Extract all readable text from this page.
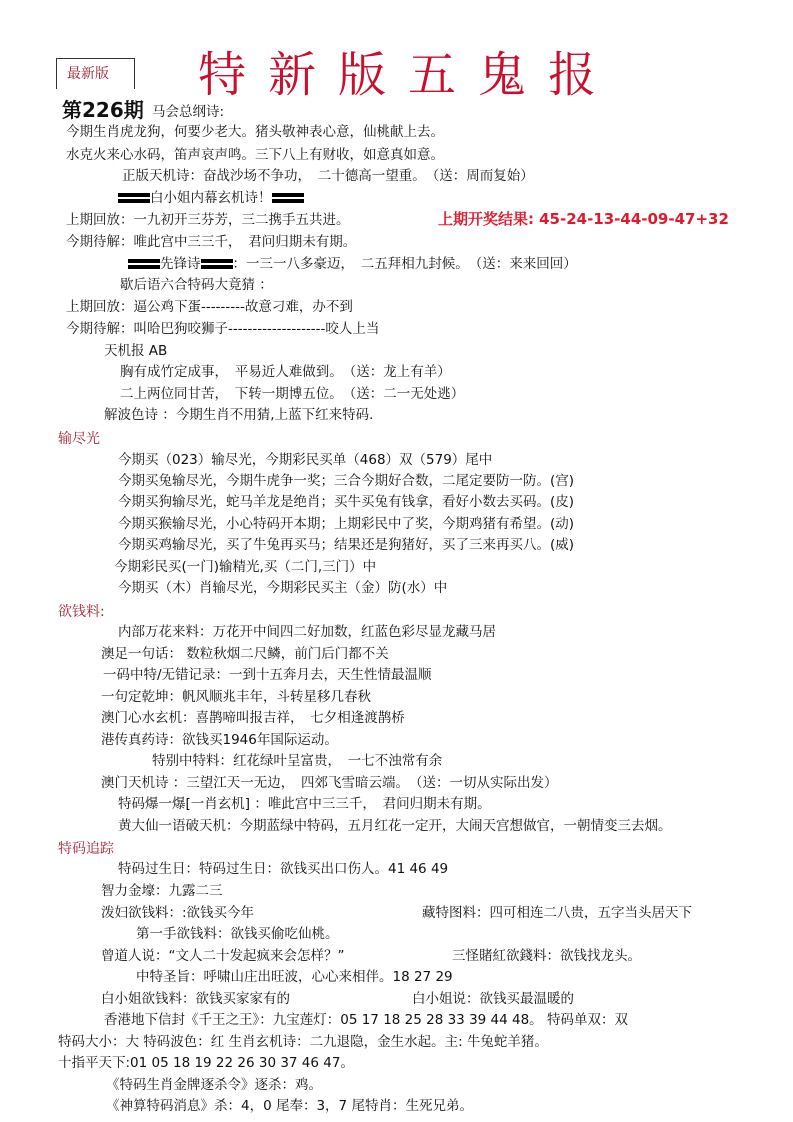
最新版 特新版五鬼报
第226期 马会总纲诗:
今期生肖虎龙狗，何要少老大。猪头敬神表心意，仙桃献上去。
水克火来心水码，笛声哀声鸣。三下八上有财收，如意真如意。
正版天机诗：奋战沙场不争功，　二十德高一望重。　（送：周而复始）
白小姐内幕玄机诗！
上期回放：一九初开三芬芳，三二携手五共进。	上期开奖结果: 45-24-13-44-09-47+32
今期待解：唯此宫中三三千，　君问归期未有期。
先锋诗 ：一三一八多豪迈，　二五拜相九封候。　（送：来来回回）
歇后语六合特码大竟猜 ：
上期回放：逼公鸡下蛋---------故意刁难，办不到
今期待解：叫哈巴狗咬狮子--------------------咬人上当
天机报 AB
胸有成竹定成事，　平易近人难做到。　（送：龙上有羊）
二上两位同甘苦，　下转一期博五位。　（送：二一无处逃）
解波色诗 ：今期生肖不用猜,上蓝下红来特码.
输尽光
今期买（023）输尽光，今期彩民买单（468）双（579）尾中
今期买兔输尽光，今期牛虎争一奖；三合今期好合数，二尾定要防一防。(宫)
今期买狗输尽光，蛇马羊龙是绝肖；买牛买兔有钱拿，看好小数去买码。(皮)
今期买猴输尽光，小心特码开本期；上期彩民中了奖，今期鸡猪有希望。(动)
今期买鸡输尽光，买了牛兔再买马；结果还是狗猪好，买了三来再买八。(威)
今期彩民买(一门)输精光,买（二门,三门）中
今期买（木）肖输尽光，今期彩民买主（金）防(水）中
欲钱料:
内部万花来料：万花开中间四二好加数，红蓝色彩尽显龙藏马居
澳足一句话： 数粒秋烟二尺鳞，前门后门都不关
一码中特/无错记录：一到十五奔月去，天生性情最温顺
一句定乾坤：帆风顺兆丰年，斗转星移几春秋
澳门心水玄机：喜鹊啼叫报吉祥，　七夕相逢渡鹊桥
港传真药诗：欲钱买1946年国际运动。
特别中特料：红花绿叶呈富贵，　一七不浊常有余
澳门天机诗 ：三望江天一无边，　四郊飞雪暗云端。　（送：一切从实际出发）
特码爆一爆[一肖玄机] ：唯此宫中三三千，　君问归期未有期。
黄大仙一语破天机：今期蓝绿中特码，五月红花一定开，大闹天宫想做官，一朝情变三去烟。
特码追踪
特码过生日：特码过生日：欲钱买出口伤人。41 46 49
智力金壕：九露二三
泼妇欲钱料：:欲钱买今年	藏特图料：四可相连二八贵，五字当头居天下
第一手欲钱料：欲钱买偷吃仙桃。
曾道人说：“文人二十发起疯来会怎样？”	三怪賭紅欲錢料：欲钱找龙头。
中特圣旨：呼啸山庄出旺波，心心来相伴。18 27 29
白小姐欲钱料：欲钱买家家有的	白小姐说：欲钱买最温暖的
香港地下信封《千王之王》：九宝莲灯：05 17 18 25 28 33 39 44 48。 特码单双：双
特码大小：大 特码波色：红 生肖玄机诗：二九退隐，金生水起。主: 牛兔蛇羊猪。
十指平天下:01 05 18 19 22 26 30 37 46 47。
《特码生肖金牌逐杀令》逐杀：鸡。
《神算特码消息》杀：4，0 尾奉：3，7 尾特肖：生死兄弟。
